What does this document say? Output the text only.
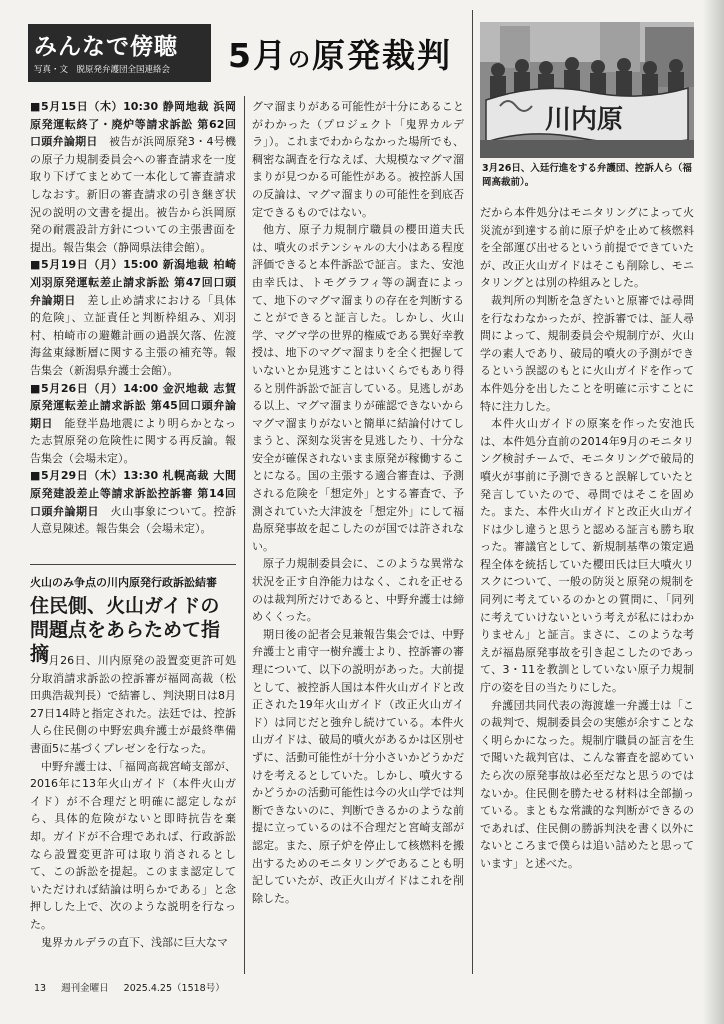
みんなで傍聴
写真・文　脱原発弁護団全国連絡会 5月の原発裁判
川内原
3月26日、入廷行進をする弁護団、控訴人ら（福岡高裁前）。

■5月15日（木）10:30 静岡地裁 浜岡原発運転終了・廃炉等請求訴訟 第62回口頭弁論期日　被告が浜岡原発3・4号機の原子力規制委員会への審査請求を一度取り下げてまとめて一本化して審査請求しなおす。新旧の審査請求の引き継ぎ状況の説明の文書を提出。被告から浜岡原発の耐震設計方針についての主張書面を提出。報告集会（静岡県法律会館）。

■5月19日（月）15:00 新潟地裁 柏崎刈羽原発運転差止請求訴訟 第47回口頭弁論期日　差し止め請求における「具体的危険」、立証責任と判断枠組み、刈羽村、柏崎市の避難計画の過誤欠落、佐渡海盆東縁断層に関する主張の補充等。報告集会（新潟県弁護士会館）。

■5月26日（月）14:00 金沢地裁 志賀原発運転差止請求訴訟 第45回口頭弁論期日　能登半島地震により明らかとなった志賀原発の危険性に関する再反論。報告集会（会場未定）。

■5月29日（木）13:30 札幌高裁 大間原発建設差止等請求訴訟控訴審 第14回口頭弁論期日　火山事象について。控訴人意見陳述。報告集会（会場未定）。

火山のみ争点の川内原発行政訴訟結審
住民側、火山ガイドの問題点をあらためて指摘

3月26日、川内原発の設置変更許可処分取消請求訴訟の控訴審が福岡高裁（松田典浩裁判長）で結審し、判決期日は8月27日14時と指定された。法廷では、控訴人ら住民側の中野宏典弁護士が最終準備書面5に基づくプレゼンを行なった。

中野弁護士は、「福岡高裁宮崎支部が、2016年に13年火山ガイド（本件火山ガイド）が不合理だと明確に認定しながら、具体的危険がないと即時抗告を棄却。ガイドが不合理であれば、行政訴訟なら設置変更許可は取り消されるとして、この訴訟を提起。このまま認定していただければ結論は明らかである」と念押しした上で、次のような説明を行なった。

鬼界カルデラの直下、浅部に巨大なマ

グマ溜まりがある可能性が十分にあることがわかった（プロジェクト「鬼界カルデラ」）。これまでわからなかった場所でも、稠密な調査を行なえば、大規模なマグマ溜まりが見つかる可能性がある。被控訴人国の反論は、マグマ溜まりの可能性を到底否定できるものではない。

他方、原子力規制庁職員の櫻田道夫氏は、噴火のポテンシャルの大小はある程度評価できると本件訴訟で証言。また、安池由幸氏は、トモグラフィ等の調査によって、地下のマグマ溜まりの存在を判断することができると証言した。しかし、火山学、マグマ学の世界的権威である巽好幸教授は、地下のマグマ溜まりを全く把握していないとか見逃すことはいくらでもあり得ると別件訴訟で証言している。見逃しがある以上、マグマ溜まりが確認できないからマグマ溜まりがないと簡単に結論付けてしまうと、深刻な災害を見逃したり、十分な安全が確保されないまま原発が稼働することになる。国の主張する適合審査は、予測される危険を「想定外」とする審査で、予測されていた大津波を「想定外」にして福島原発事故を起こしたのが国では許されない。

原子力規制委員会に、このような異常な状況を正す自浄能力はなく、これを正せるのは裁判所だけであると、中野弁護士は締めくくった。

期日後の記者会見兼報告集会では、中野弁護士と甫守一樹弁護士より、控訴審の審理について、以下の説明があった。大前提として、被控訴人国は本件火山ガイドと改正された19年火山ガイド（改正火山ガイド）は同じだと強弁し続けている。本件火山ガイドは、破局的噴火があるかは区別せずに、活動可能性が十分小さいかどうかだけを考えるとしていた。しかし、噴火するかどうかの活動可能性は今の火山学では判断できないのに、判断できるかのような前提に立っているのは不合理だと宮崎支部が認定。また、原子炉を停止して核燃料を搬出するためのモニタリングであることも明記していたが、改正火山ガイドはこれを削除した。

だから本件処分はモニタリングによって火災流が到達する前に原子炉を止めて核燃料を全部運び出せるという前提でできていたが、改正火山ガイドはそこも削除し、モニタリングとは別の枠組みとした。

裁判所の判断を急ぎたいと原審では尋問を行なわなかったが、控訴審では、証人尋問によって、規制委員会や規制庁が、火山学の素人であり、破局的噴火の予測ができるという誤認のもとに火山ガイドを作って本件処分を出したことを明確に示すことに特に注力した。

本件火山ガイドの原案を作った安池氏は、本件処分直前の2014年9月のモニタリング検討チームで、モニタリングで破局的噴火が事前に予測できると誤解していたと発言していたので、尋問ではそこを固めた。また、本件火山ガイドと改正火山ガイドは少し違うと思うと認める証言も勝ち取った。審議官として、新規制基準の策定過程全体を統括していた櫻田氏は巨大噴火リスクについて、一般の防災と原発の規制を同列に考えているのかとの質問に、「同列に考えていけないという考えが私にはわかりません」と証言。まさに、このような考えが福島原発事故を引き起こしたのであって、3・11を教訓としていない原子力規制庁の姿を目の当たりにした。

弁護団共同代表の海渡雄一弁護士は「この裁判で、規制委員会の実態が余すことなく明らかになった。規制庁職員の証言を生で聞いた裁判官は、こんな審査を認めていたら次の原発事故は必至だなと思うのではないか。住民側を勝たせる材料は全部揃っている。まともな常識的な判断ができるのであれば、住民側の勝訴判決を書く以外にないところまで僕らは追い詰めたと思っています」と述べた。

13 週刊金曜日 2025.4.25（1518号）
